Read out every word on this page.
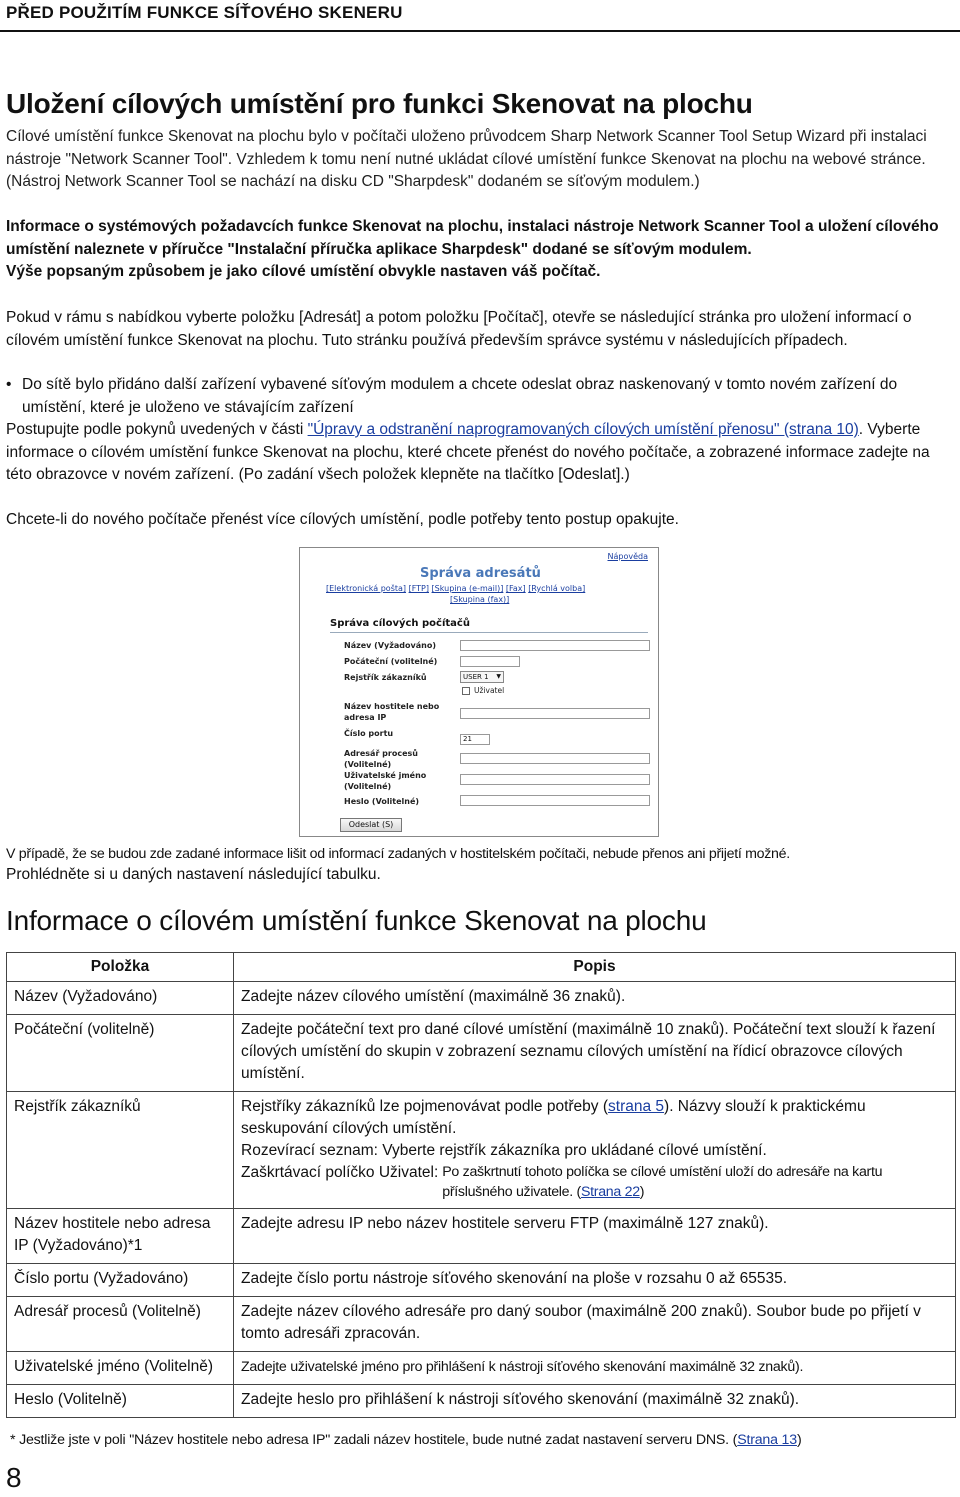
PŘED POUŽITÍM FUNKCE SÍŤOVÉHO SKENERU
Uložení cílových umístění pro funkci Skenovat na plochu
Cílové umístění funkce Skenovat na plochu bylo v počítači uloženo průvodcem Sharp Network Scanner Tool Setup Wizard při instalaci nástroje "Network Scanner Tool". Vzhledem k tomu není nutné ukládat cílové umístění funkce Skenovat na plochu na webové stránce. (Nástroj Network Scanner Tool se nachází na disku CD "Sharpdesk" dodaném se síťovým modulem.)
Informace o systémových požadavcích funkce Skenovat na plochu, instalaci nástroje Network Scanner Tool a uložení cílového umístění naleznete v příručce "Instalační příručka aplikace Sharpdesk" dodané se síťovým modulem.
Výše popsaným způsobem je jako cílové umístění obvykle nastaven váš počítač.
Pokud v rámu s nabídkou vyberte položku [Adresát] a potom položku [Počítač], otevře se následující stránka pro uložení informací o cílovém umístění funkce Skenovat na plochu. Tuto stránku používá především správce systému v následujících případech.
• Do sítě bylo přidáno další zařízení vybavené síťovým modulem a chcete odeslat obraz naskenovaný v tomto novém zařízení do umístění, které je uloženo ve stávajícím zařízení
Postupujte podle pokynů uvedených v části "Úpravy a odstranění naprogramovaných cílových umístění přenosu" (strana 10). Vyberte informace o cílovém umístění funkce Skenovat na plochu, které chcete přenést do nového počítače, a zobrazené informace zadejte na této obrazovce v novém zařízení. (Po zadání všech položek klepněte na tlačítko [Odeslat].)
Chcete-li do nového počítače přenést více cílových umístění, podle potřeby tento postup opakujte.
Nápověda
Správa adresátů
[Elektronická pošta] [FTP] [Skupina (e-mail)] [Fax] [Rychlá volba]
[Skupina (fax)]
Správa cílových počítačů
Název (Vyžadováno)
Počáteční (volitelné)
Rejstřík zákazníků	USER 1 ▼
Uživatel
Název hostitele nebo adresa IP
Číslo portu
21
Adresář procesů (Volitelné)
Uživatelské jméno (Volitelné)
Heslo (Volitelné)
Odeslat (S)
V případě, že se budou zde zadané informace lišit od informací zadaných v hostitelském počítači, nebude přenos ani přijetí možné.
Prohlédněte si u daných nastavení následující tabulku.
Informace o cílovém umístění funkce Skenovat na plochu
Položka	Popis
Název (Vyžadováno)	Zadejte název cílového umístění (maximálně 36 znaků).
Počáteční (volitelně)	Zadejte počáteční text pro dané cílové umístění (maximálně 10 znaků). Počáteční text slouží k řazení cílových umístění do skupin v zobrazení seznamu cílových umístění na řídicí obrazovce cílových umístění.
Rejstřík zákazníků	Rejstříky zákazníků lze pojmenovávat podle potřeby (strana 5). Názvy slouží k praktickému seskupování cílových umístění.
Rozevírací seznam: Vyberte rejstřík zákazníka pro ukládané cílové umístění.
Zaškrtávací políčko Uživatel: Po zaškrtnutí tohoto políčka se cílové umístění uloží do adresáře na kartu příslušného uživatele. (Strana 22)

Název hostitele nebo adresa IP (Vyžadováno)*1	Zadejte adresu IP nebo název hostitele serveru FTP (maximálně 127 znaků).
Číslo portu (Vyžadováno)	Zadejte číslo portu nástroje síťového skenování na ploše v rozsahu 0 až 65535.
Adresář procesů (Volitelně)	Zadejte název cílového adresáře pro daný soubor (maximálně 200 znaků). Soubor bude po přijetí v tomto adresáři zpracován.
Uživatelské jméno (Volitelně)	Zadejte uživatelské jméno pro přihlášení k nástroji síťového skenování maximálně 32 znaků).
Heslo (Volitelně)	Zadejte heslo pro přihlášení k nástroji síťového skenování (maximálně 32 znaků).
* Jestliže jste v poli "Název hostitele nebo adresa IP" zadali název hostitele, bude nutné zadat nastavení serveru DNS. (Strana 13)
8
